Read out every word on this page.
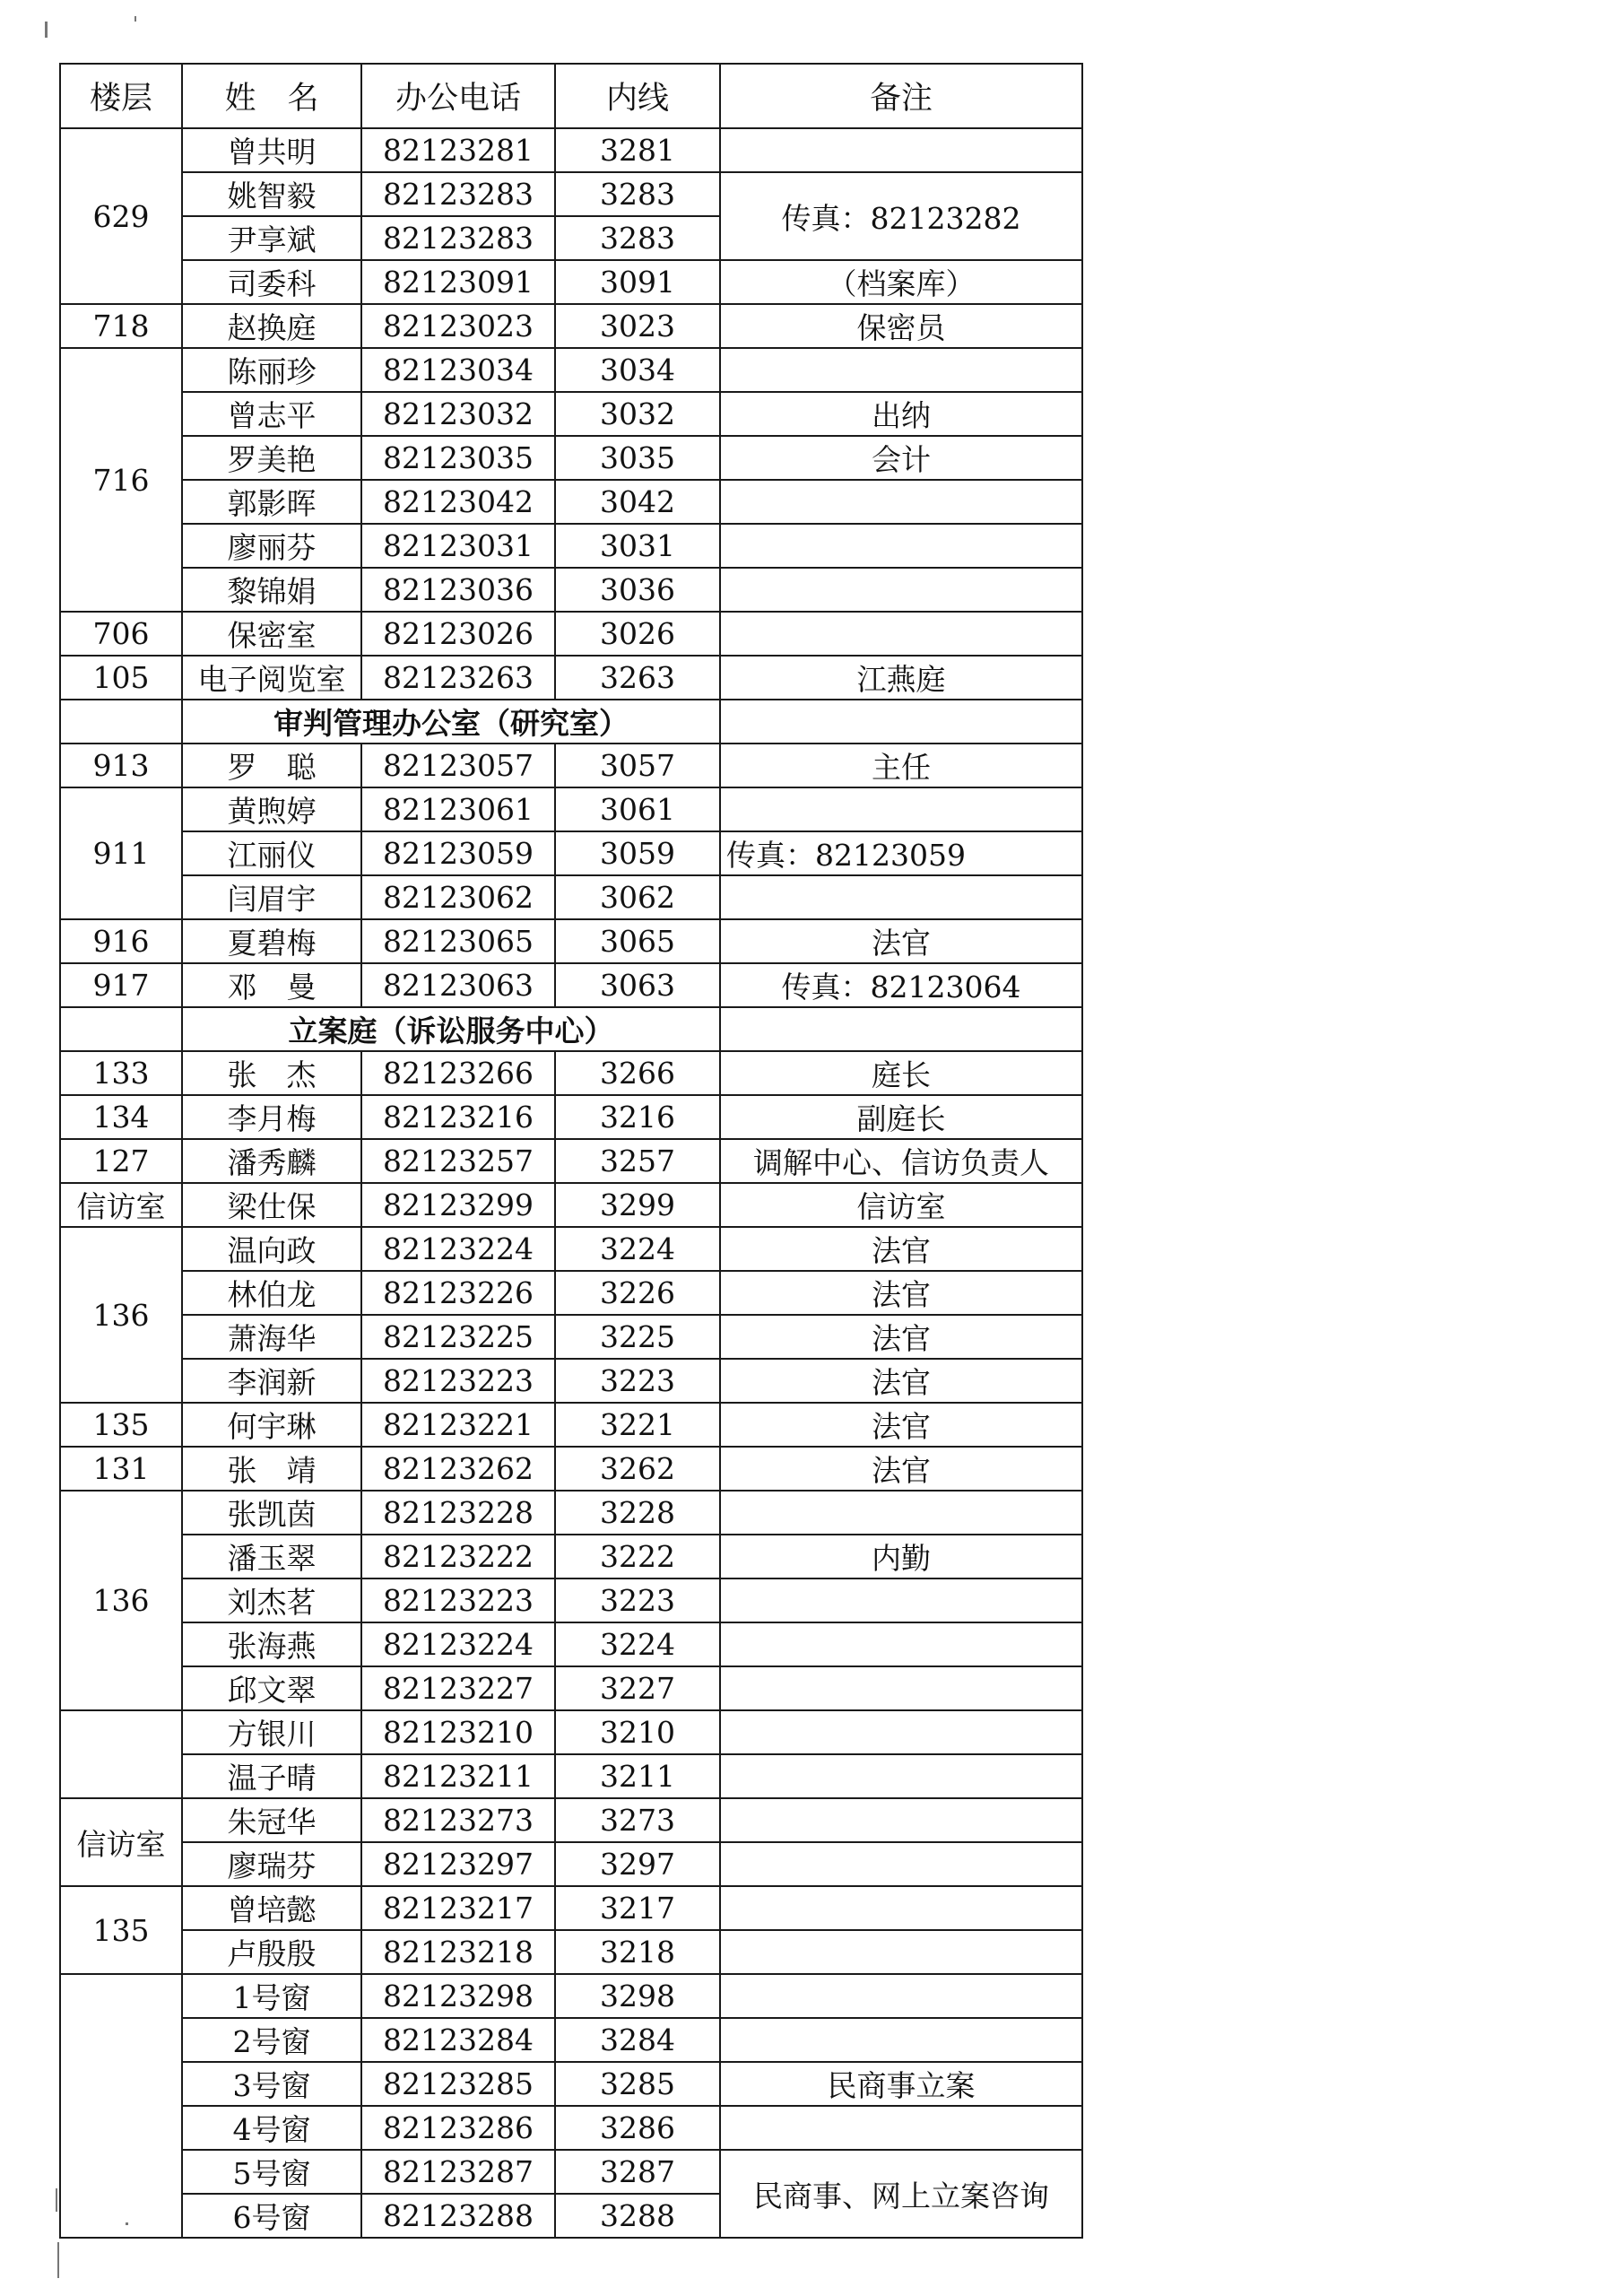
楼层	姓　名	办公电话	内线	备注
629	曾共明	82123281	3281	
	姚智毅	82123283	3283	传真：82123282
	尹享斌	82123283	3283	
	司委科	82123091	3091	（档案库）
718	赵换庭	82123023	3023	保密员
716	陈丽珍	82123034	3034	
	曾志平	82123032	3032	出纳
	罗美艳	82123035	3035	会计
	郭影晖	82123042	3042	
	廖丽芬	82123031	3031	
	黎锦娟	82123036	3036	
706	保密室	82123026	3026	
105	电子阅览室	82123263	3263	江燕庭
	审判管理办公室（研究室）			
913	罗　聪	82123057	3057	主任
911	黄煦婷	82123061	3061	
	江丽仪	82123059	3059	传真：82123059
	闫眉宇	82123062	3062	
916	夏碧梅	82123065	3065	法官
917	邓　曼	82123063	3063	传真：82123064
	立案庭（诉讼服务中心）			
133	张　杰	82123266	3266	庭长
134	李月梅	82123216	3216	副庭长
127	潘秀麟	82123257	3257	调解中心、信访负责人
信访室	梁仕保	82123299	3299	信访室
136	温向政	82123224	3224	法官
	林伯龙	82123226	3226	法官
	萧海华	82123225	3225	法官
	李润新	82123223	3223	法官
135	何宇琳	82123221	3221	法官
131	张　靖	82123262	3262	法官
136	张凯茵	82123228	3228	
	潘玉翠	82123222	3222	内勤
	刘杰茗	82123223	3223	
	张海燕	82123224	3224	
	邱文翠	82123227	3227	
	方银川	82123210	3210	
	温子晴	82123211	3211	
信访室	朱冠华	82123273	3273	
	廖瑞芬	82123297	3297	
135	曾培懿	82123217	3217	
	卢殷殷	82123218	3218	
	1号窗	82123298	3298	
	2号窗	82123284	3284	
	3号窗	82123285	3285	民商事立案
	4号窗	82123286	3286	
	5号窗	82123287	3287	民商事、网上立案咨询
	6号窗	82123288	3288	
